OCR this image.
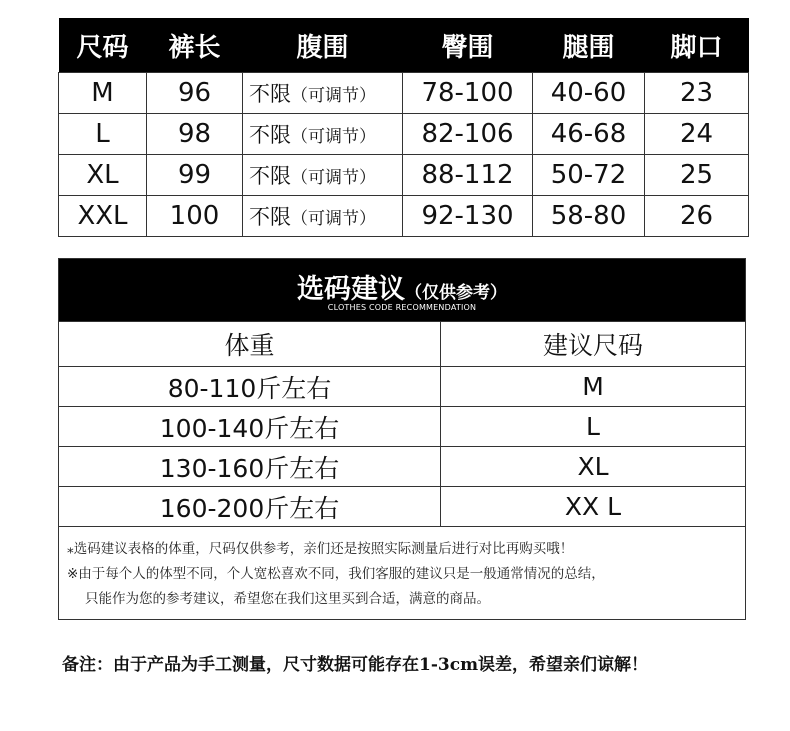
尺码	裤长	腹围	臀围	腿围	脚口
M	96	不限（可调节）	78-100	40-60	23
L	98	不限（可调节）	82-106	46-68	24
XL	99	不限（可调节）	88-112	50-72	25
XXL	100	不限（可调节）	92-130	58-80	26
选码建议（仅供参考）
CLOTHES CODE RECOMMENDATION
体重	建议尺码
80-110斤左右	M
100-140斤左右	L
130-160斤左右	XL
160-200斤左右	XX L
⁎选码建议表格的体重，尺码仅供参考，亲们还是按照实际测量后进行对比再购买哦！
※由于每个人的体型不同，个人宽松喜欢不同，我们客服的建议只是一般通常情况的总结，
只能作为您的参考建议，希望您在我们这里买到合适，满意的商品。
备注：由于产品为手工测量，尺寸数据可能存在1-3cm误差，希望亲们谅解！
